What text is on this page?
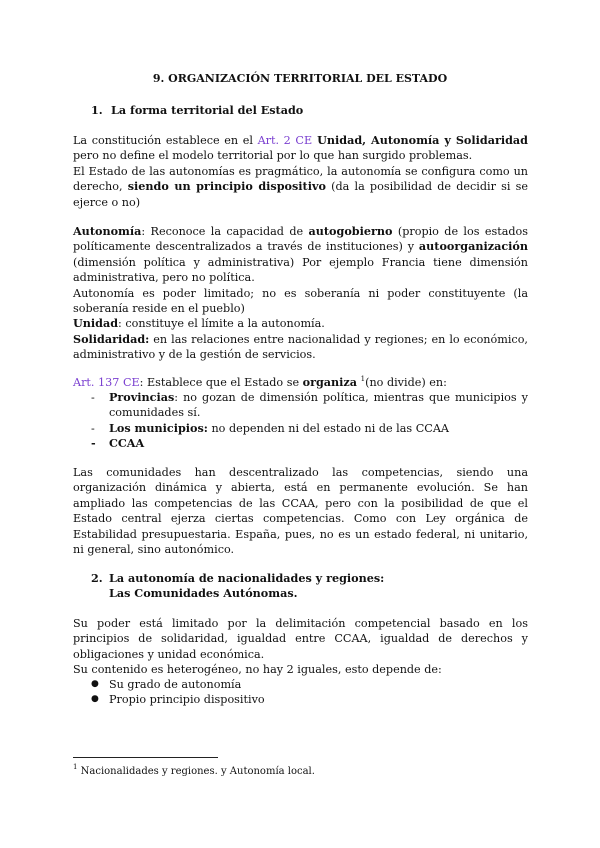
9. ORGANIZACIÓN TERRITORIAL DEL ESTADO
1. La forma territorial del Estado
La constitución establece en el Art. 2 CE Unidad, Autonomía y Solidaridad pero no define el modelo territorial por lo que han surgido problemas.
El Estado de las autonomías es pragmático, la autonomía se configura como un derecho, siendo un principio dispositivo (da la posibilidad de decidir si se ejerce o no)
Autonomía: Reconoce la capacidad de autogobierno (propio de los estados políticamente descentralizados a través de instituciones) y autoorganización (dimensión política y administrativa) Por ejemplo Francia tiene dimensión administrativa, pero no política.
Autonomía es poder limitado; no es soberanía ni poder constituyente (la soberanía reside en el pueblo)
Unidad: constituye el límite a la autonomía.
Solidaridad: en las relaciones entre nacionalidad y regiones; en lo económico, administrativo y de la gestión de servicios.
Art. 137 CE: Establece que el Estado se organiza $^1$(no divide) en:
- Provincias: no gozan de dimensión política, mientras que municipios y comunidades sí.
- Los municipios: no dependen ni del estado ni de las CCAA
- CCAA
Las comunidades han descentralizado las competencias, siendo una organización dinámica y abierta, está en permanente evolución. Se han ampliado las competencias de las CCAA, pero con la posibilidad de que el Estado central ejerza ciertas competencias. Como con Ley orgánica de Estabilidad presupuestaria. España, pues, no es un estado federal, ni unitario, ni general, sino autonómico.
2. La autonomía de nacionalidades y regiones:
Las Comunidades Autónomas.
Su poder está limitado por la delimitación competencial basado en los principios de solidaridad, igualdad entre CCAA, igualdad de derechos y obligaciones y unidad económica.
Su contenido es heterogéneo, no hay 2 iguales, esto depende de:
● Su grado de autonomía
● Propio principio dispositivo
$^1$ Nacionalidades y regiones. y Autonomía local.
